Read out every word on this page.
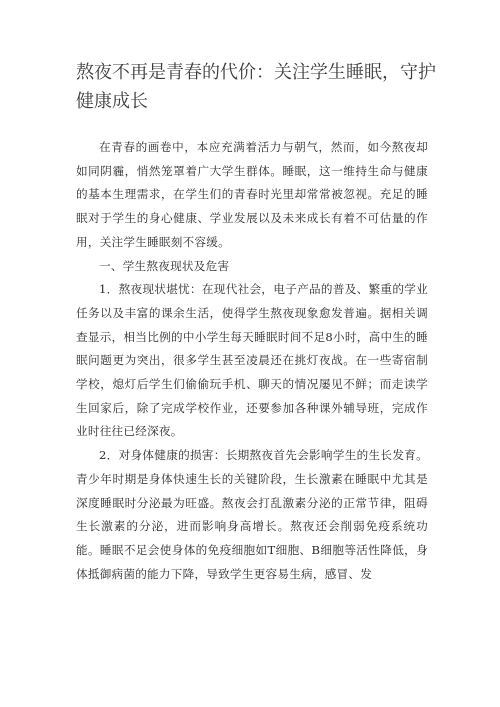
熬夜不再是青春的代价：关注学生睡眠，守护健康成长

在青春的画卷中，本应充满着活力与朝气，然而，如今熬夜却如同阴霾，悄然笼罩着广大学生群体。睡眠，这一维持生命与健康的基本生理需求，在学生们的青春时光里却常常被忽视。充足的睡眠对于学生的身心健康、学业发展以及未来成长有着不可估量的作用，关注学生睡眠刻不容缓。

一、学生熬夜现状及危害

1．熬夜现状堪忧：在现代社会，电子产品的普及、繁重的学业任务以及丰富的课余生活，使得学生熬夜现象愈发普遍。据相关调查显示，相当比例的中小学生每天睡眠时间不足8小时，高中生的睡眠问题更为突出，很多学生甚至凌晨还在挑灯夜战。在一些寄宿制学校，熄灯后学生们偷偷玩手机、聊天的情况屡见不鲜；而走读学生回家后，除了完成学校作业，还要参加各种课外辅导班，完成作业时往往已经深夜。

2．对身体健康的损害：长期熬夜首先会影响学生的生长发育。青少年时期是身体快速生长的关键阶段，生长激素在睡眠中尤其是深度睡眠时分泌最为旺盛。熬夜会打乱激素分泌的正常节律，阻碍生长激素的分泌，进而影响身高增长。熬夜还会削弱免疫系统功能。睡眠不足会使身体的免疫细胞如T细胞、B细胞等活性降低，身体抵御病菌的能力下降，导致学生更容易生病，感冒、发
